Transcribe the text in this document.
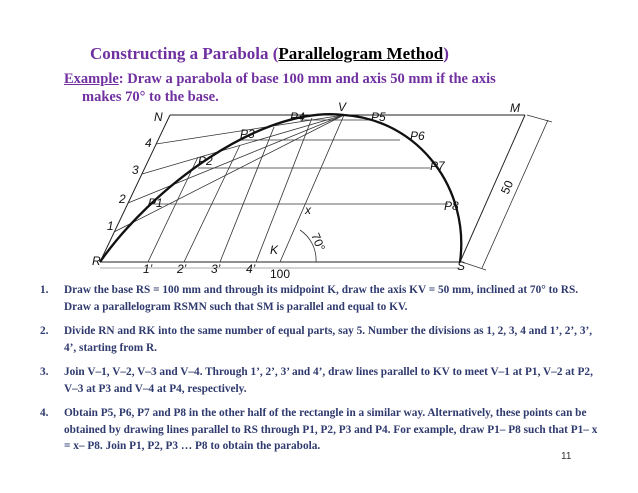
Constructing a Parabola (Parallelogram Method)
Example: Draw a parabola of base 100 mm and axis 50 mm if the axis
makes 70° to the base.
N
V	M
R	S
K
x
P1
P2
P3
P4	P5
P6
P7
P8
1
2
3
4
1’ 2’ 3’ 4’ 100
50
70°
1. Draw the base RS = 100 mm and through its midpoint K, draw the axis KV = 50 mm, inclined at 70° to RS. Draw a parallelogram RSMN such that SM is parallel and equal to KV.
2. Divide RN and RK into the same number of equal parts, say 5. Number the divisions as 1, 2, 3, 4 and 1’, 2’, 3’, 4’, starting from R.
3. Join V–1, V–2, V–3 and V–4. Through 1’, 2’, 3’ and 4’, draw lines parallel to KV to meet V–1 at P1, V–2 at P2, V–3 at P3 and V–4 at P4, respectively.
4. Obtain P5, P6, P7 and P8 in the other half of the rectangle in a similar way. Alternatively, these points can be obtained by drawing lines parallel to RS through P1, P2, P3 and P4. For example, draw P1– P8 such that P1– x = x– P8. Join P1, P2, P3 … P8 to obtain the parabola.
11
